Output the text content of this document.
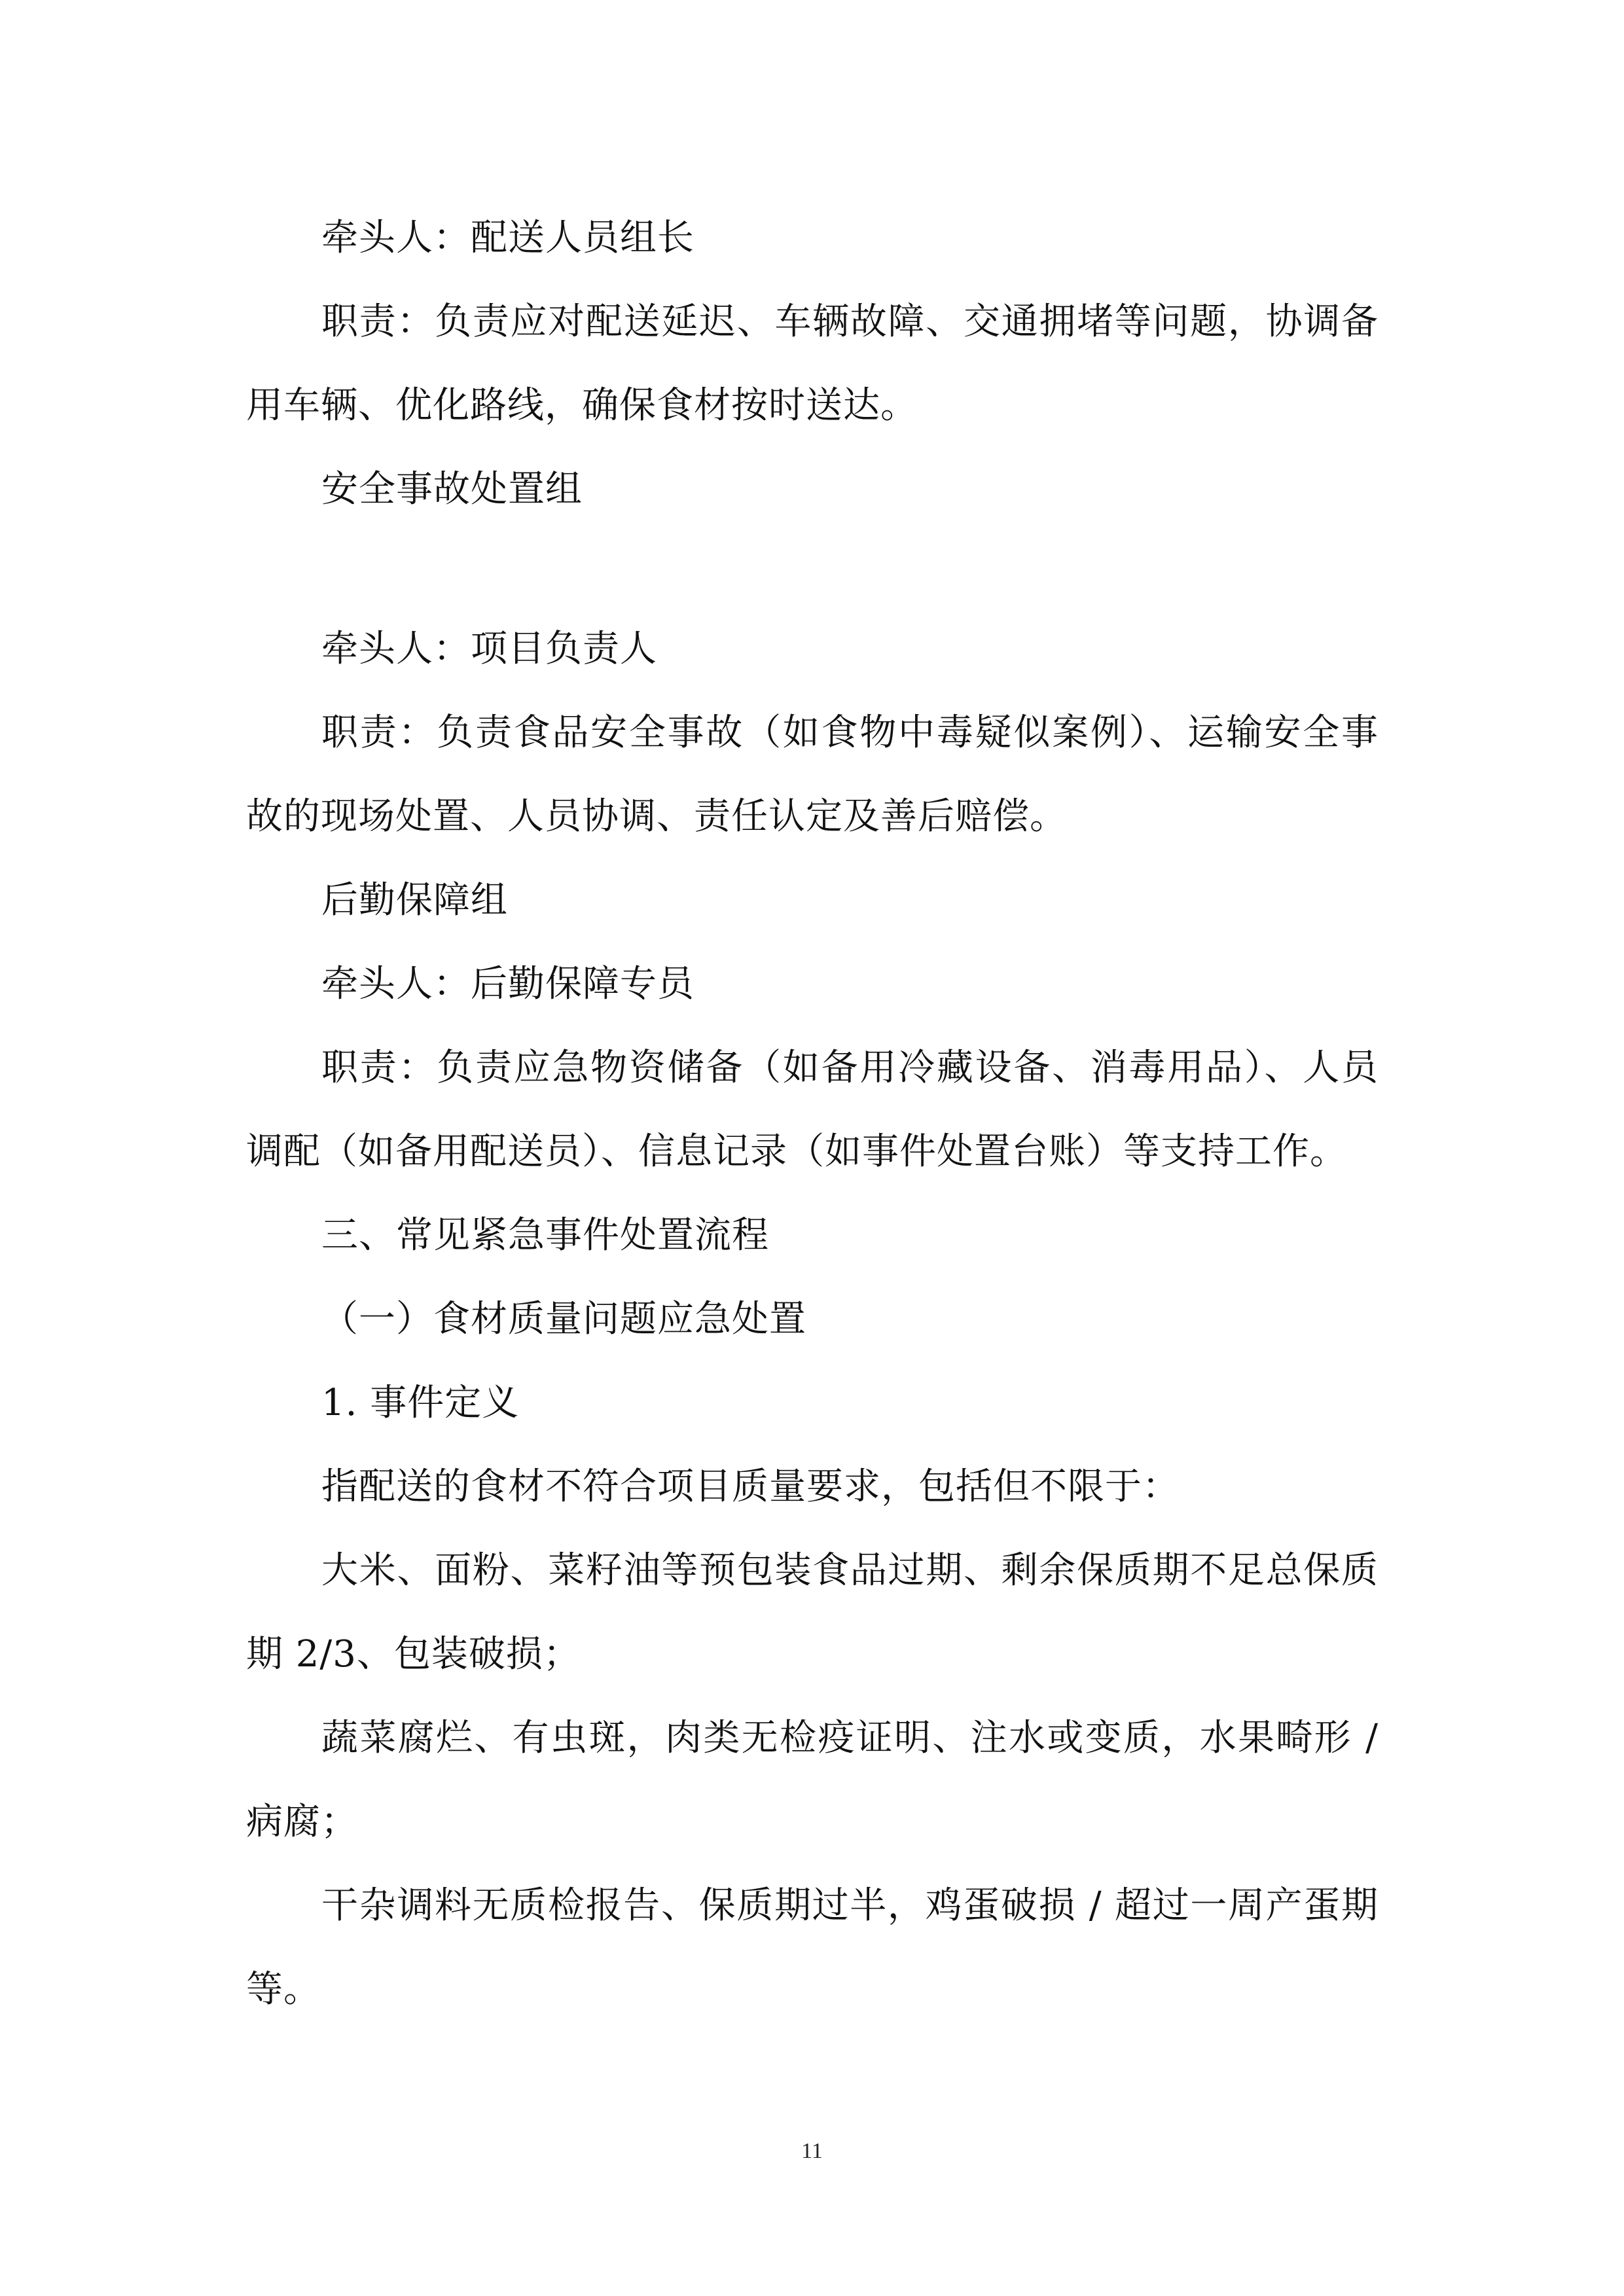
牵头人：配送人员组长

职责：负责应对配送延迟、车辆故障、交通拥堵等问题，协调备用车辆、优化路线，确保食材按时送达。

安全事故处置组

牵头人：项目负责人

职责：负责食品安全事故（如食物中毒疑似案例）、运输安全事故的现场处置、人员协调、责任认定及善后赔偿。

后勤保障组

牵头人：后勤保障专员

职责：负责应急物资储备（如备用冷藏设备、消毒用品）、人员调配（如备用配送员）、信息记录（如事件处置台账）等支持工作。

三、常见紧急事件处置流程

（一）食材质量问题应急处置

1. 事件定义

指配送的食材不符合项目质量要求，包括但不限于：

大米、面粉、菜籽油等预包装食品过期、剩余保质期不足总保质期 2/3、包装破损；

蔬菜腐烂、有虫斑，肉类无检疫证明、注水或变质，水果畸形 / 病腐；

干杂调料无质检报告、保质期过半，鸡蛋破损 / 超过一周产蛋期等。

11
